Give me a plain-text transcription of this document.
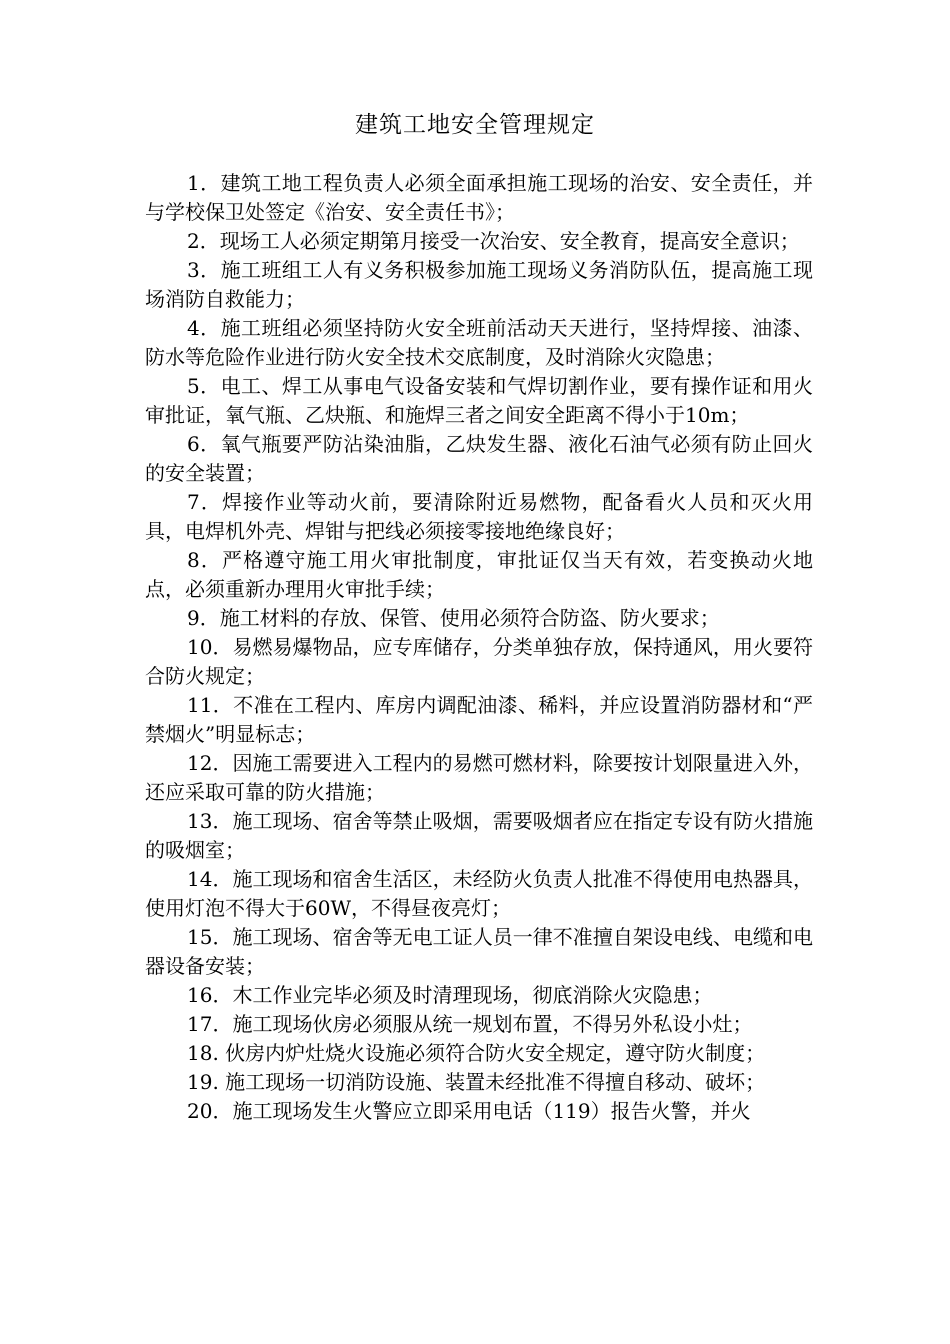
建筑工地安全管理规定

1．建筑工地工程负责人必须全面承担施工现场的治安、安全责任，并与学校保卫处签定《治安、安全责任书》；

2．现场工人必须定期第月接受一次治安、安全教育，提高安全意识；

3．施工班组工人有义务积极参加施工现场义务消防队伍，提高施工现场消防自救能力；

4．施工班组必须坚持防火安全班前活动天天进行，坚持焊接、油漆、防水等危险作业进行防火安全技术交底制度，及时消除火灾隐患；

5．电工、焊工从事电气设备安装和气焊切割作业，要有操作证和用火审批证，氧气瓶、乙炔瓶、和施焊三者之间安全距离不得小于10m；

6．氧气瓶要严防沾染油脂，乙炔发生器、液化石油气必须有防止回火的安全装置；

7．焊接作业等动火前，要清除附近易燃物，配备看火人员和灭火用具，电焊机外壳、焊钳与把线必须接零接地绝缘良好；

8．严格遵守施工用火审批制度，审批证仅当天有效，若变换动火地点，必须重新办理用火审批手续；

9．施工材料的存放、保管、使用必须符合防盗、防火要求；

10．易燃易爆物品，应专库储存，分类单独存放，保持通风，用火要符合防火规定；

11．不准在工程内、库房内调配油漆、稀料，并应设置消防器材和“严禁烟火”明显标志；

12．因施工需要进入工程内的易燃可燃材料，除要按计划限量进入外，还应采取可靠的防火措施；

13．施工现场、宿舍等禁止吸烟，需要吸烟者应在指定专设有防火措施的吸烟室；

14．施工现场和宿舍生活区，未经防火负责人批准不得使用电热器具，使用灯泡不得大于60W，不得昼夜亮灯；

15．施工现场、宿舍等无电工证人员一律不准擅自架设电线、电缆和电器设备安装；

16．木工作业完毕必须及时清理现场，彻底消除火灾隐患；

17．施工现场伙房必须服从统一规划布置，不得另外私设小灶；

18. 伙房内炉灶烧火设施必须符合防火安全规定，遵守防火制度；

19. 施工现场一切消防设施、装置未经批准不得擅自移动、破坏；

20．施工现场发生火警应立即采用电话（119）报告火警，并火
